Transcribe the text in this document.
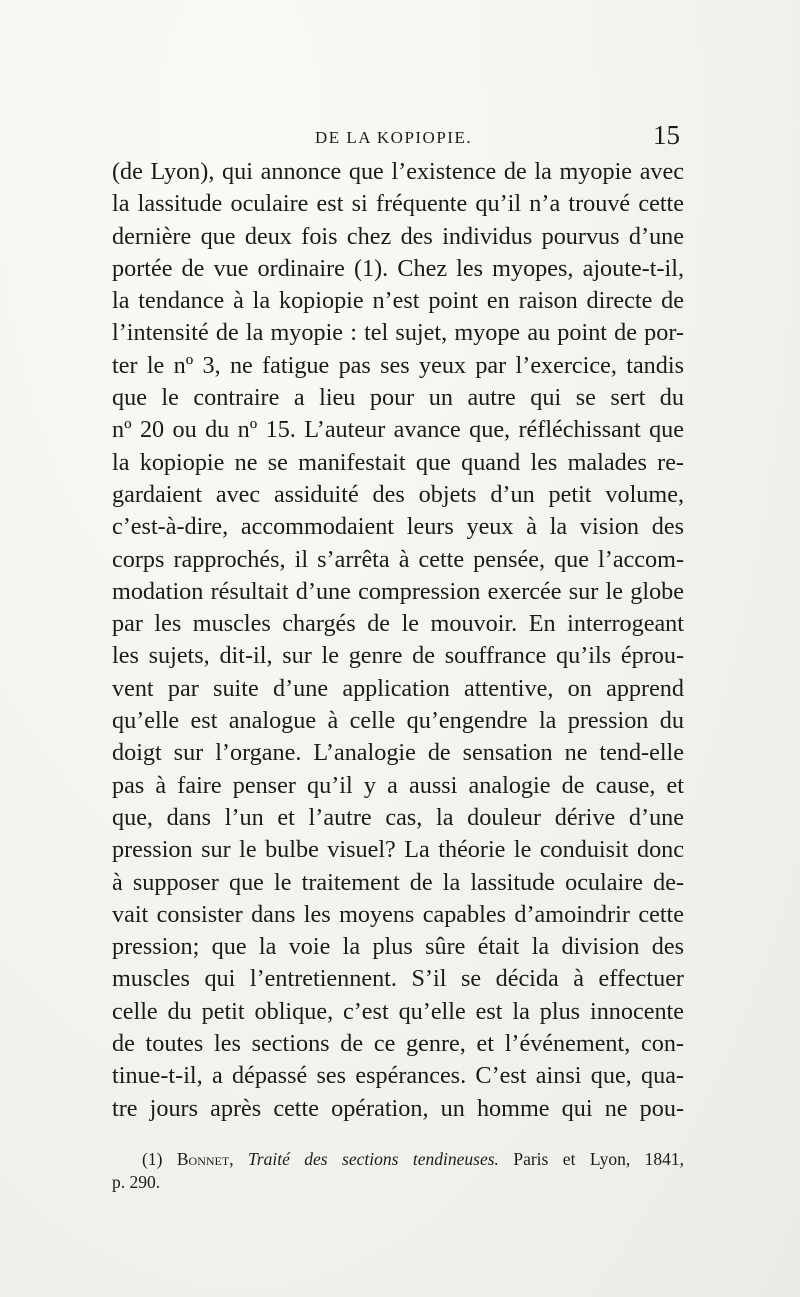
DE LA KOPIOPIE.	15
(de Lyon), qui annonce que l’existence de la myopie avec
la lassitude oculaire est si fréquente qu’il n’a trouvé cette
dernière que deux fois chez des individus pourvus d’une
portée de vue ordinaire (1). Chez les myopes, ajoute-t-il,
la tendance à la kopiopie n’est point en raison directe de
l’intensité de la myopie : tel sujet, myope au point de por-
ter le nº 3, ne fatigue pas ses yeux par l’exercice, tandis
que le contraire a lieu pour un autre qui se sert du
nº 20 ou du nº 15. L’auteur avance que, réfléchissant que
la kopiopie ne se manifestait que quand les malades re-
gardaient avec assiduité des objets d’un petit volume,
c’est-à-dire, accommodaient leurs yeux à la vision des
corps rapprochés, il s’arrêta à cette pensée, que l’accom-
modation résultait d’une compression exercée sur le globe
par les muscles chargés de le mouvoir. En interrogeant
les sujets, dit-il, sur le genre de souffrance qu’ils éprou-
vent par suite d’une application attentive, on apprend
qu’elle est analogue à celle qu’engendre la pression du
doigt sur l’organe. L’analogie de sensation ne tend-elle
pas à faire penser qu’il y a aussi analogie de cause, et
que, dans l’un et l’autre cas, la douleur dérive d’une
pression sur le bulbe visuel? La théorie le conduisit donc
à supposer que le traitement de la lassitude oculaire de-
vait consister dans les moyens capables d’amoindrir cette
pression; que la voie la plus sûre était la division des
muscles qui l’entretiennent. S’il se décida à effectuer
celle du petit oblique, c’est qu’elle est la plus innocente
de toutes les sections de ce genre, et l’événement, con-
tinue-t-il, a dépassé ses espérances. C’est ainsi que, qua-
tre jours après cette opération, un homme qui ne pou-
(1) Bonnet, Traité des sections tendineuses. Paris et Lyon, 1841,
p. 290.
